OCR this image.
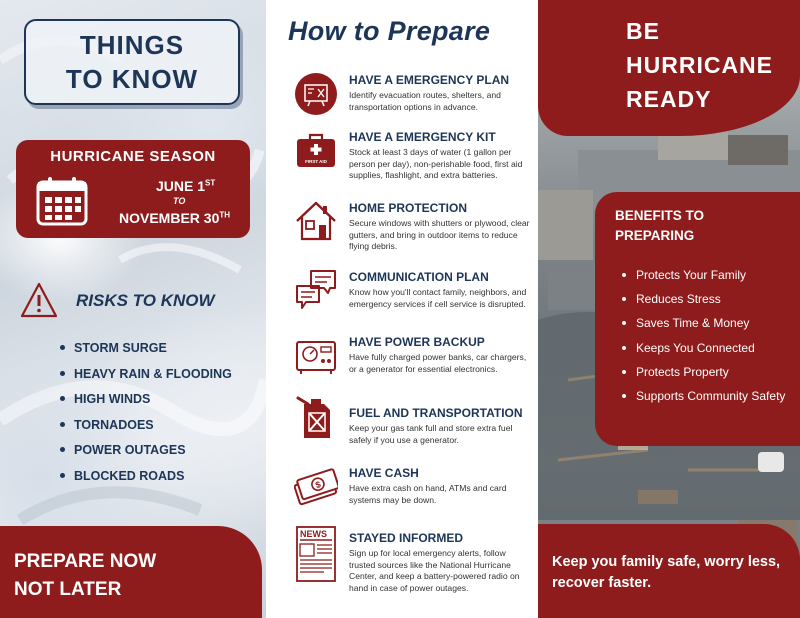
THINGS
TO KNOW
HURRICANE SEASON
JUNE 1ST
TO
NOVEMBER 30TH
RISKS TO KNOW
STORM SURGE
HEAVY RAIN & FLOODING
HIGH WINDS
TORNADOES
POWER OUTAGES
BLOCKED ROADS
PREPARE NOW
NOT LATER
How to Prepare
HAVE A EMERGENCY PLAN

Identify evacuation routes, shelters, and transportation options in advance.

FIRST AID
HAVE A EMERGENCY KIT

Stock at least 3 days of water (1 gallon per person per day), non-perishable food, first aid supplies, flashlight, and extra batteries.

HOME PROTECTION

Secure windows with shutters or plywood, clear gutters, and bring in outdoor items to reduce flying debris.

COMMUNICATION PLAN

Know how you'll contact family, neighbors, and emergency services if cell service is disrupted.

HAVE POWER BACKUP

Have fully charged power banks, car chargers, or a generator for essential electronics.

FUEL AND TRANSPORTATION

Keep your gas tank full and store extra fuel safely if you use a generator.

$
HAVE CASH

Have extra cash on hand, ATMs and card systems may be down.

NEWS STAYED INFORMED

Sign up for local emergency alerts, follow trusted sources like the National Hurricane Center, and keep a battery-powered radio on hand in case of power outages.

BE
HURRICANE
READY
BENEFITS TO PREPARING
Protects Your Family
Reduces Stress
Saves Time & Money
Keeps You Connected
Protects Property
Supports Community Safety
Keep you family safe, worry less, recover faster.
